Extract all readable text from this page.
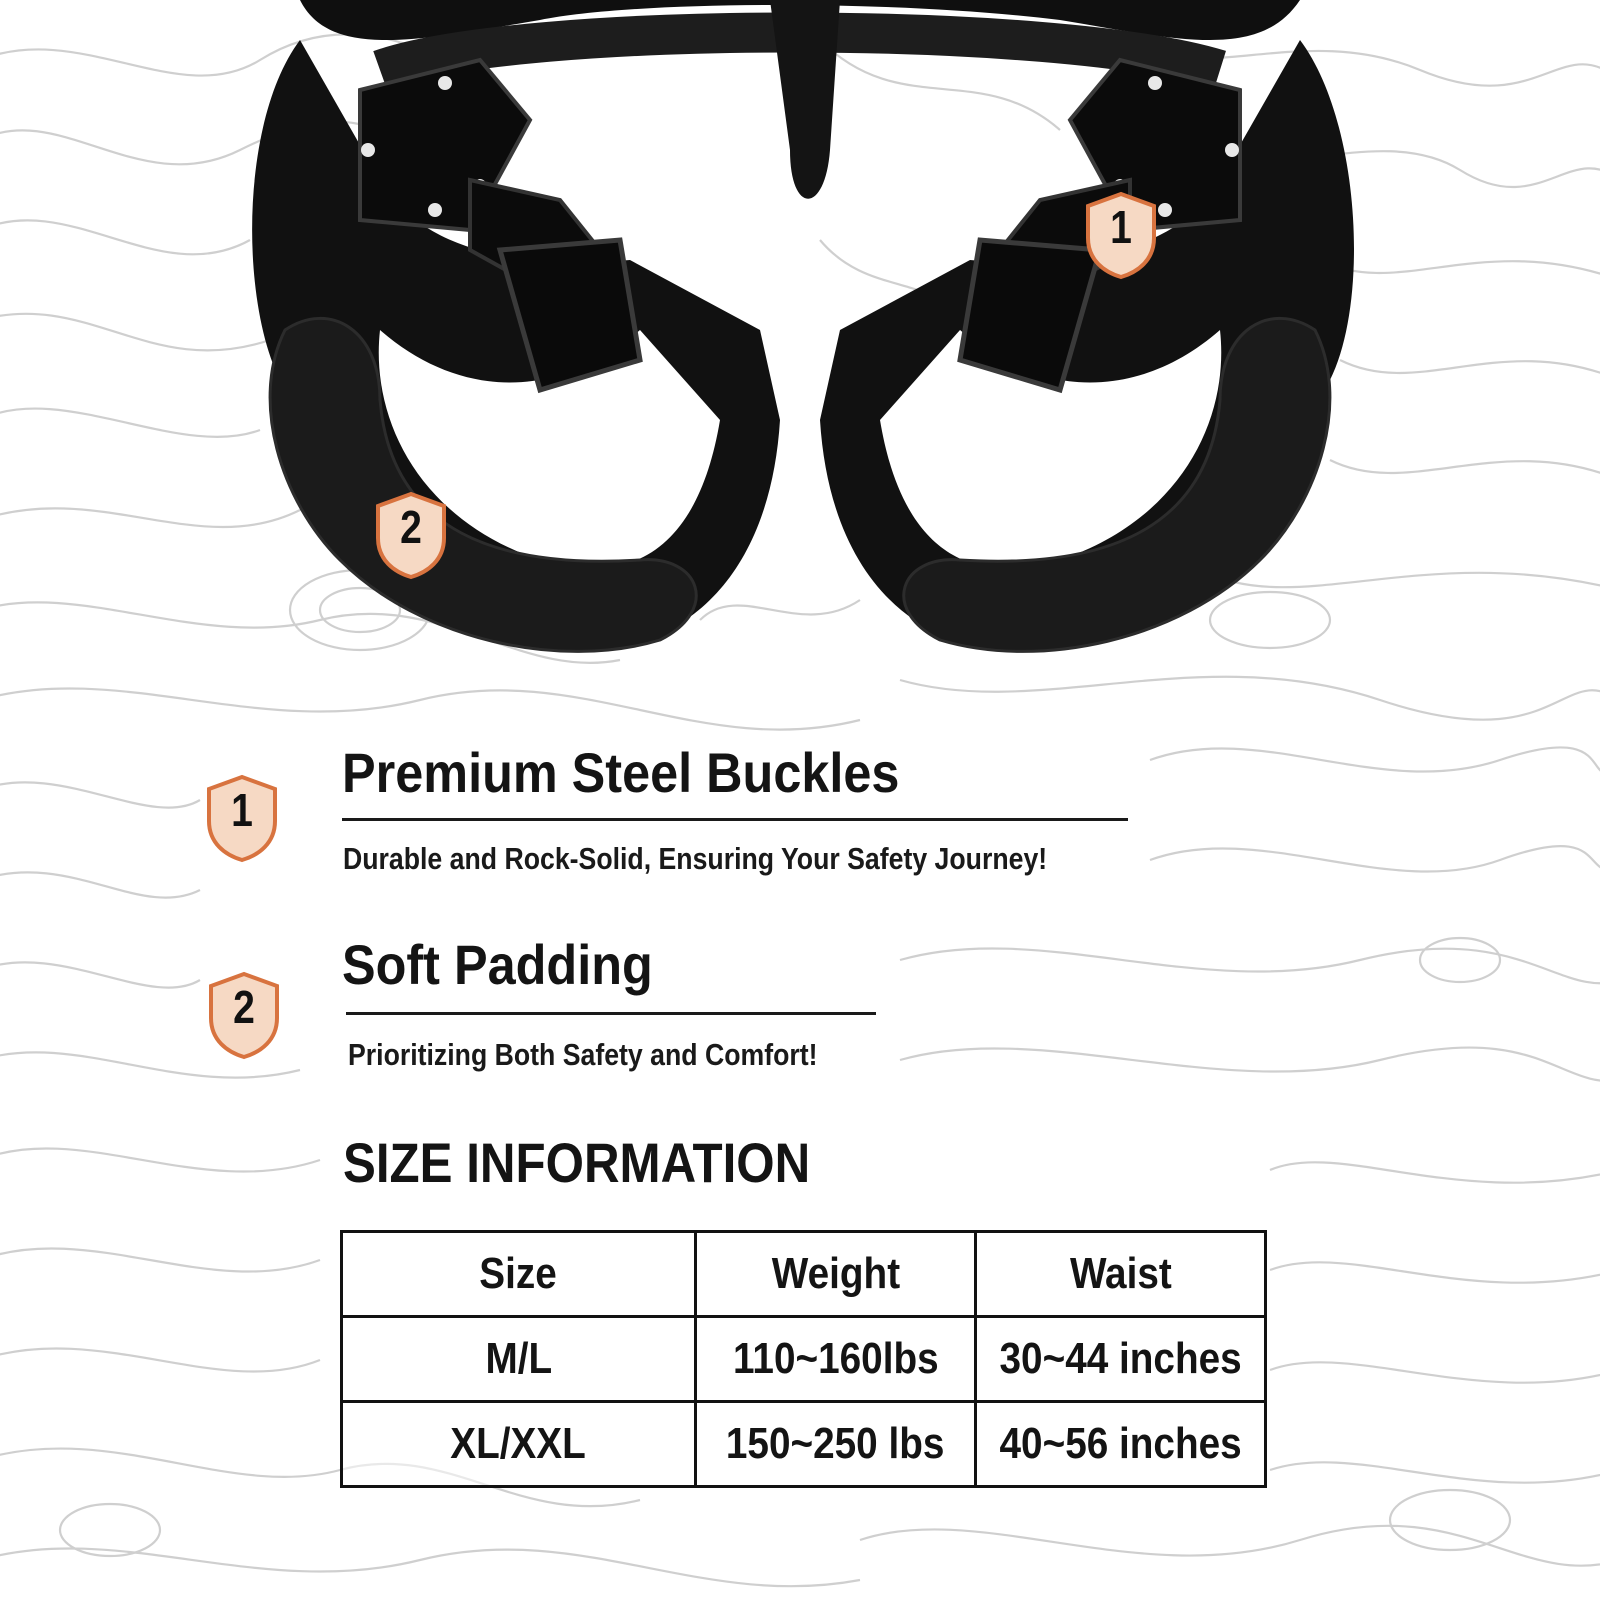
1
2
1
Premium Steel Buckles

Durable and Rock-Solid, Ensuring Your Safety Journey!

2
Soft Padding

Prioritizing Both Safety and Comfort!

SIZE INFORMATION
Size	Weight	Waist
M/L	110~160lbs	30~44 inches
XL/XXL	150~250 lbs	40~56 inches
